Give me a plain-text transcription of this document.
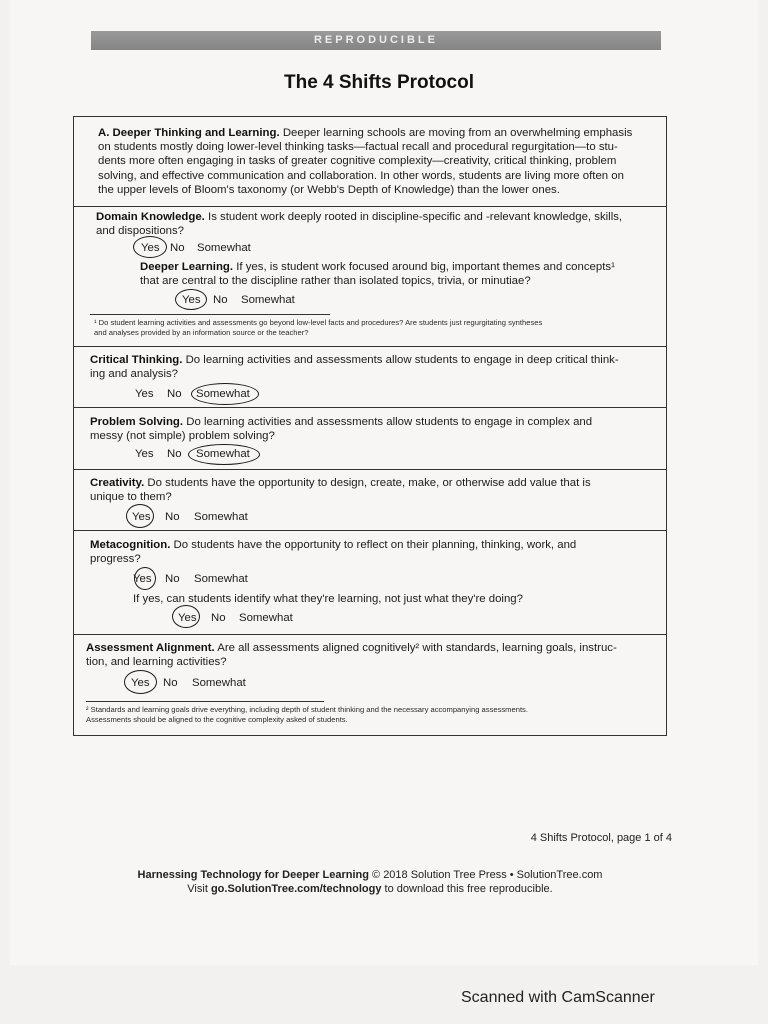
REPRODUCIBLE
The 4 Shifts Protocol
A. Deeper Thinking and Learning. Deeper learning schools are moving from an overwhelming emphasis
on students mostly doing lower-level thinking tasks—factual recall and procedural regurgitation—to stu-
dents more often engaging in tasks of greater cognitive complexity—creativity, critical thinking, problem
solving, and effective communication and collaboration. In other words, students are living more often on
the upper levels of Bloom's taxonomy (or Webb's Depth of Knowledge) than the lower ones.
Domain Knowledge. Is student work deeply rooted in discipline-specific and -relevant knowledge, skills,
and dispositions?
Yes No Somewhat
Deeper Learning. If yes, is student work focused around big, important themes and concepts¹
that are central to the discipline rather than isolated topics, trivia, or minutiae?
Yes No Somewhat
¹ Do student learning activities and assessments go beyond low-level facts and procedures? Are students just regurgitating syntheses
and analyses provided by an information source or the teacher?
Critical Thinking. Do learning activities and assessments allow students to engage in deep critical think-
ing and analysis?
Yes No Somewhat
Problem Solving. Do learning activities and assessments allow students to engage in complex and
messy (not simple) problem solving?
Yes No Somewhat
Creativity. Do students have the opportunity to design, create, make, or otherwise add value that is
unique to them?
Yes No Somewhat
Metacognition. Do students have the opportunity to reflect on their planning, thinking, work, and
progress?
Yes No Somewhat
If yes, can students identify what they're learning, not just what they're doing?
Yes No Somewhat
Assessment Alignment. Are all assessments aligned cognitively² with standards, learning goals, instruc-
tion, and learning activities?
Yes No Somewhat
² Standards and learning goals drive everything, including depth of student thinking and the necessary accompanying assessments.
Assessments should be aligned to the cognitive complexity asked of students.
4 Shifts Protocol, page 1 of 4
Harnessing Technology for Deeper Learning © 2018 Solution Tree Press • SolutionTree.com
Visit go.SolutionTree.com/technology to download this free reproducible.
Scanned with CamScanner
